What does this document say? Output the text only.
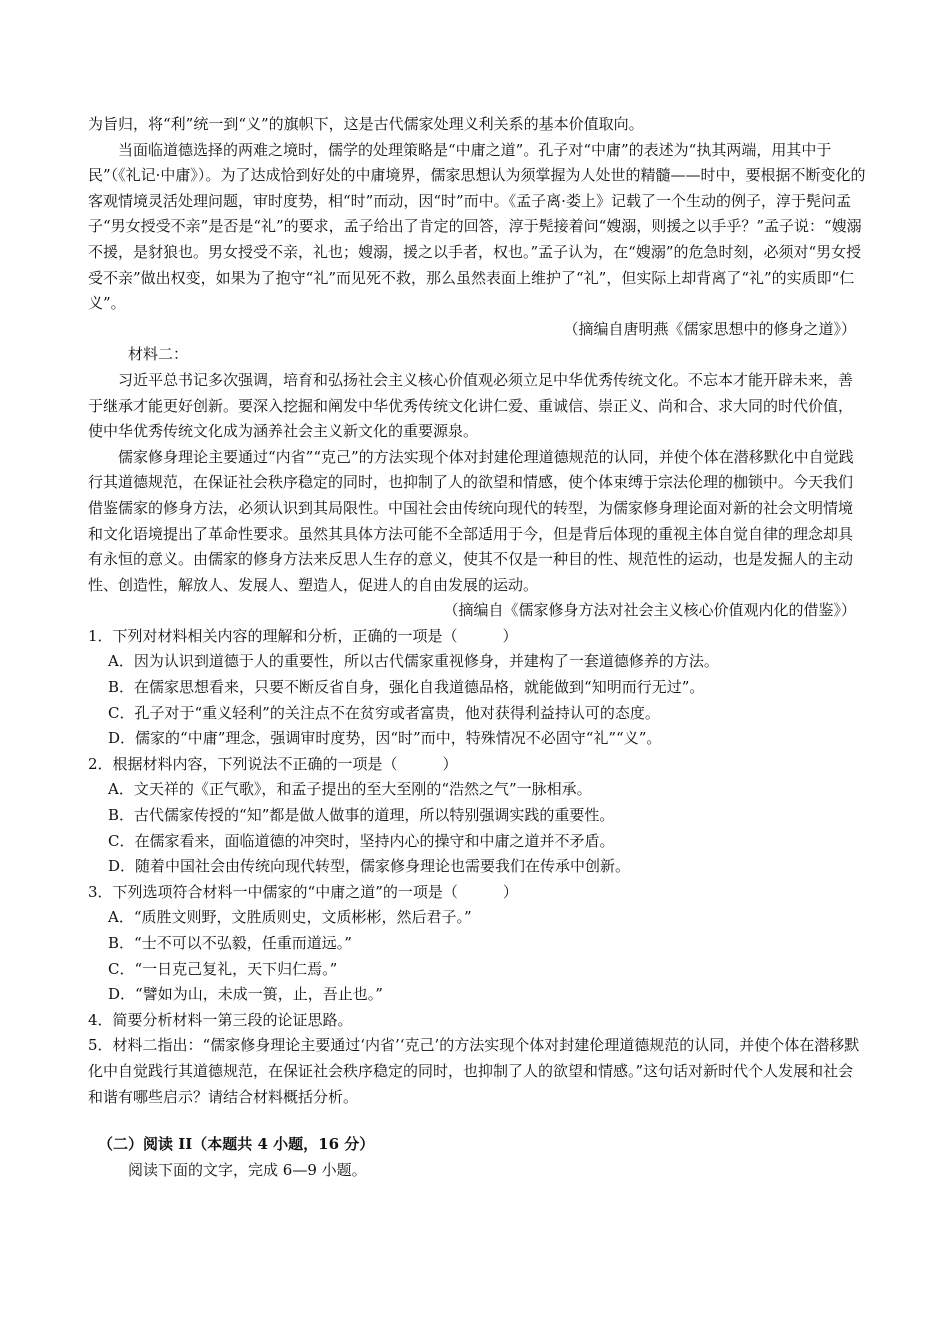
为旨归，将“利”统一到“义”的旗帜下，这是古代儒家处理义利关系的基本价值取向。

当面临道德选择的两难之境时，儒学的处理策略是“中庸之道”。孔子对“中庸”的表述为“执其两端，用其中于民”（《礼记·中庸》）。为了达成恰到好处的中庸境界，儒家思想认为须掌握为人处世的精髓——时中，要根据不断变化的客观情境灵活处理问题，审时度势，相“时”而动，因“时”而中。《孟子离·娄上》记载了一个生动的例子，淳于髡问孟子“男女授受不亲”是否是“礼”的要求，孟子给出了肯定的回答，淳于髡接着问“嫂溺，则援之以手乎？”孟子说：“嫂溺不援，是豺狼也。男女授受不亲，礼也；嫂溺，援之以手者，权也。”孟子认为，在“嫂溺”的危急时刻，必须对“男女授受不亲”做出权变，如果为了抱守“礼”而见死不救，那么虽然表面上维护了“礼”，但实际上却背离了“礼”的实质即“仁义”。

（摘编自唐明燕《儒家思想中的修身之道》）

材料二：

习近平总书记多次强调，培育和弘扬社会主义核心价值观必须立足中华优秀传统文化。不忘本才能开辟未来，善于继承才能更好创新。要深入挖掘和阐发中华优秀传统文化讲仁爱、重诚信、崇正义、尚和合、求大同的时代价值，使中华优秀传统文化成为涵养社会主义新文化的重要源泉。

儒家修身理论主要通过“内省”“克己”的方法实现个体对封建伦理道德规范的认同，并使个体在潜移默化中自觉践行其道德规范，在保证社会秩序稳定的同时，也抑制了人的欲望和情感，使个体束缚于宗法伦理的枷锁中。今天我们借鉴儒家的修身方法，必须认识到其局限性。中国社会由传统向现代的转型，为儒家修身理论面对新的社会文明情境和文化语境提出了革命性要求。虽然其具体方法可能不全部适用于今，但是背后体现的重视主体自觉自律的理念却具有永恒的意义。由儒家的修身方法来反思人生存的意义，使其不仅是一种目的性、规范性的运动，也是发掘人的主动性、创造性，解放人、发展人、塑造人，促进人的自由发展的运动。

（摘编自《儒家修身方法对社会主义核心价值观内化的借鉴》）

1．下列对材料相关内容的理解和分析，正确的一项是（　　　）

A．因为认识到道德于人的重要性，所以古代儒家重视修身，并建构了一套道德修养的方法。

B．在儒家思想看来，只要不断反省自身，强化自我道德品格，就能做到“知明而行无过”。

C．孔子对于“重义轻利”的关注点不在贫穷或者富贵，他对获得利益持认可的态度。

D．儒家的“中庸”理念，强调审时度势，因“时”而中，特殊情况不必固守“礼”“义”。

2．根据材料内容，下列说法不正确的一项是（　　　）

A．文天祥的《正气歌》，和孟子提出的至大至刚的“浩然之气”一脉相承。

B．古代儒家传授的“知”都是做人做事的道理，所以特别强调实践的重要性。

C．在儒家看来，面临道德的冲突时，坚持内心的操守和中庸之道并不矛盾。

D．随着中国社会由传统向现代转型，儒家修身理论也需要我们在传承中创新。

3．下列选项符合材料一中儒家的“中庸之道”的一项是（　　　）

A．“质胜文则野，文胜质则史，文质彬彬，然后君子。”

B．“士不可以不弘毅，任重而道远。”

C．“一日克己复礼，天下归仁焉。”

D．“譬如为山，未成一篑，止，吾止也。”

4．简要分析材料一第三段的论证思路。

5．材料二指出：“儒家修身理论主要通过‘内省’‘克己’的方法实现个体对封建伦理道德规范的认同，并使个体在潜移默化中自觉践行其道德规范，在保证社会秩序稳定的同时，也抑制了人的欲望和情感。”这句话对新时代个人发展和社会和谐有哪些启示？请结合材料概括分析。

（二）阅读 II（本题共 4 小题，16 分）

阅读下面的文字，完成 6—9 小题。
